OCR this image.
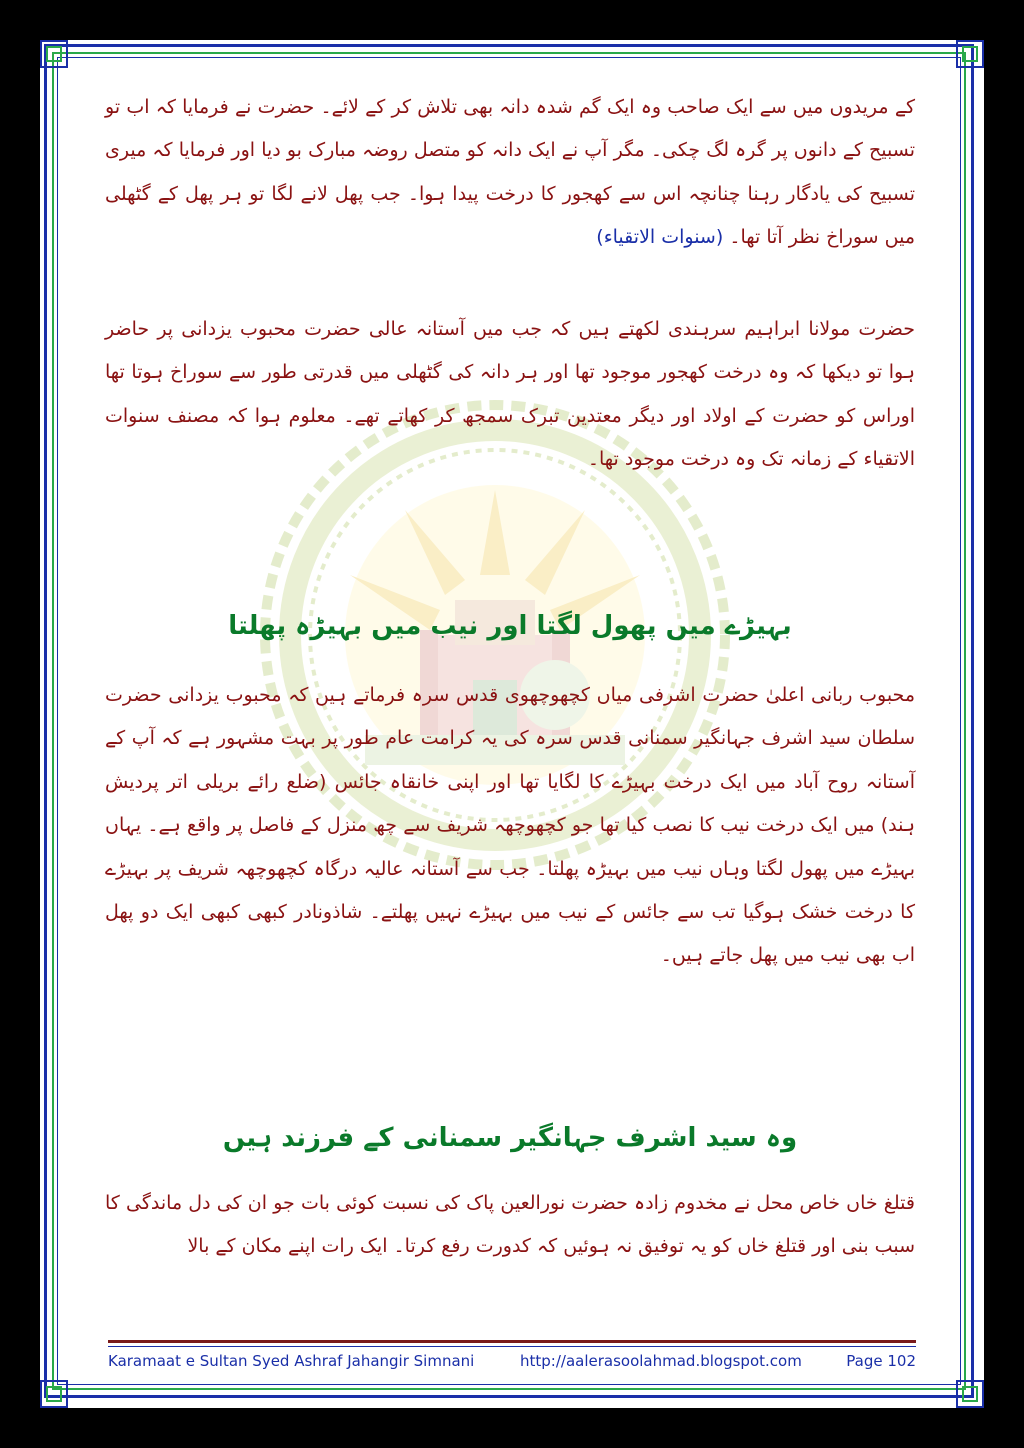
کے مریدوں میں سے ایک صاحب وہ ایک گم شدہ دانہ بھی تلاش کر کے لائے۔ حضرت نے فرمایا کہ اب تو تسبیح کے دانوں پر گرہ لگ چکی۔ مگر آپ نے ایک دانہ کو متصل روضہ مبارک بو دیا اور فرمایا کہ میری تسبیح کی یادگار رہنا چنانچہ اس سے کھجور کا درخت پیدا ہوا۔ جب پھل لانے لگا تو ہر پھل کے گٹھلی میں سوراخ نظر آتا تھا۔ (سنوات الاتقیاء)

حضرت مولانا ابراہیم سرہندی لکھتے ہیں کہ جب میں آستانہ عالی حضرت محبوب یزدانی پر حاضر ہوا تو دیکھا کہ وہ درخت کھجور موجود تھا اور ہر دانہ کی گٹھلی میں قدرتی طور سے سوراخ ہوتا تھا اوراس کو حضرت کے اولاد اور دیگر معتدین تبرک سمجھ کر کھاتے تھے۔ معلوم ہوا کہ مصنف سنوات الاتقیاء کے زمانہ تک وہ درخت موجود تھا۔

بہیڑے میں پھول لگتا اور نیب میں بہیڑہ پھلتا

محبوب ربانی اعلیٰ حضرت اشرفی میاں کچھوچھوی قدس سرہ فرماتے ہیں کہ محبوب یزدانی حضرت سلطان سید اشرف جہانگیر سمنانی قدس سرہ کی یہ کرامت عام طور پر بہت مشہور ہے کہ آپ کے آستانہ روح آباد میں ایک درخت بہیڑے کا لگایا تھا اور اپنی خانقاہ جائس (ضلع رائے بریلی اتر پردیش ہند) میں ایک درخت نیب کا نصب کیا تھا جو کچھوچھہ شریف سے چھ منزل کے فاصل پر واقع ہے۔ یہاں بہیڑے میں پھول لگتا وہاں نیب میں بہیڑہ پھلتا۔ جب سے آستانہ عالیہ درگاہ کچھوچھہ شریف پر بہیڑے کا درخت خشک ہوگیا تب سے جائس کے نیب میں بہیڑے نہیں پھلتے۔ شاذونادر کبھی کبھی ایک دو پھل اب بھی نیب میں پھل جاتے ہیں۔

وہ سید اشرف جہانگیر سمنانی کے فرزند ہیں

قتلغ خاں خاص محل نے مخدوم زادہ حضرت نورالعین پاک کی نسبت کوئی بات جو ان کی دل ماندگی کا سبب بنی اور قتلغ خاں کو یہ توفیق نہ ہوئیں کہ کدورت رفع کرتا۔ ایک رات اپنے مکان کے بالا

Karamaat e Sultan Syed Ashraf Jahangir Simnani	http://aalerasoolahmad.blogspot.com	Page 102
